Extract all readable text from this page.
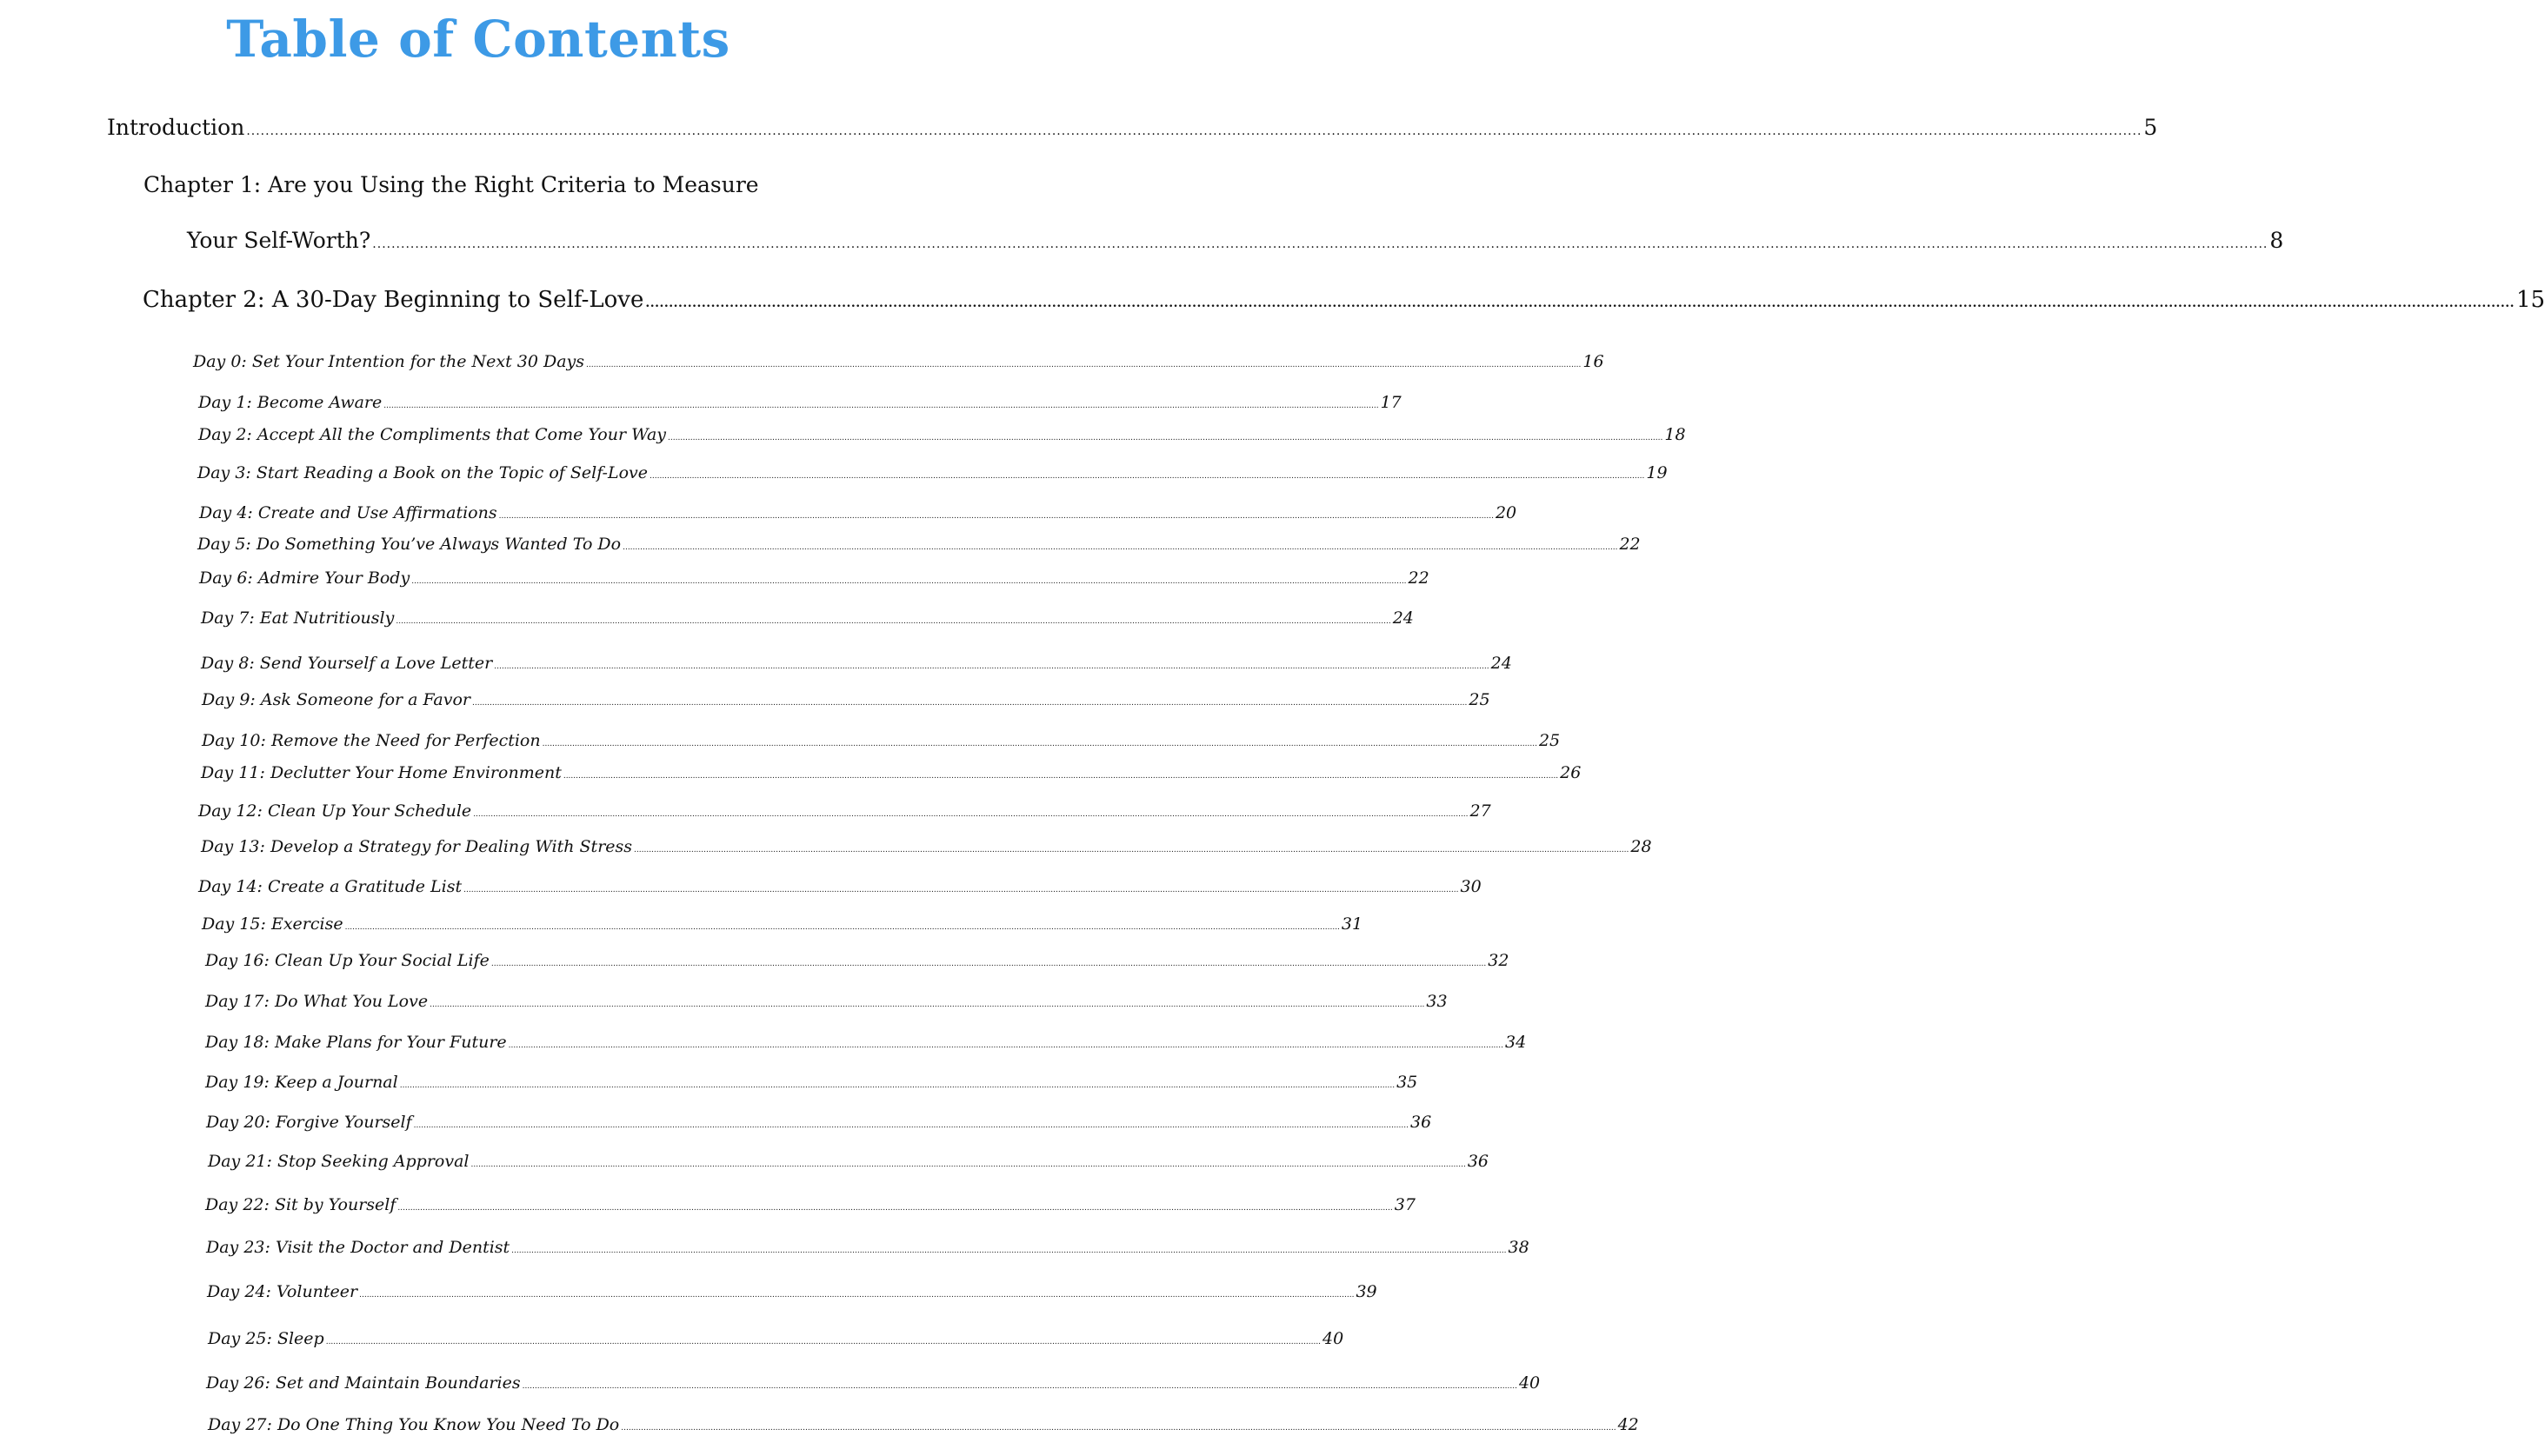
Table of Contents
Introduction ................................................................................................................................................................................................................................................................................................................................................................................................................ 5
Chapter 1: Are you Using the Right Criteria to Measure
Your Self-Worth? ................................................................................................................................................................................................................................................................................................................................................................................................................ 8
Chapter 2: A 30-Day Beginning to Self-Love ................................................................................................................................................................................................................................................................................................................................................................................................................ 15
Day 0: Set Your Intention for the Next 30 Days ................................................................................................................................................................................................................................................................................................................................................................................................................ 16
Day 1: Become Aware ................................................................................................................................................................................................................................................................................................................................................................................................................ 17
Day 2: Accept All the Compliments that Come Your Way ................................................................................................................................................................................................................................................................................................................................................................................................................ 18
Day 3: Start Reading a Book on the Topic of Self-Love ................................................................................................................................................................................................................................................................................................................................................................................................................ 19
Day 4: Create and Use Affirmations ................................................................................................................................................................................................................................................................................................................................................................................................................ 20
Day 5: Do Something You’ve Always Wanted To Do ................................................................................................................................................................................................................................................................................................................................................................................................................ 22
Day 6: Admire Your Body ................................................................................................................................................................................................................................................................................................................................................................................................................ 22
Day 7: Eat Nutritiously ................................................................................................................................................................................................................................................................................................................................................................................................................ 24
Day 8: Send Yourself a Love Letter ................................................................................................................................................................................................................................................................................................................................................................................................................ 24
Day 9: Ask Someone for a Favor ................................................................................................................................................................................................................................................................................................................................................................................................................ 25
Day 10: Remove the Need for Perfection ................................................................................................................................................................................................................................................................................................................................................................................................................ 25
Day 11: Declutter Your Home Environment ................................................................................................................................................................................................................................................................................................................................................................................................................ 26
Day 12: Clean Up Your Schedule ................................................................................................................................................................................................................................................................................................................................................................................................................ 27
Day 13: Develop a Strategy for Dealing With Stress ................................................................................................................................................................................................................................................................................................................................................................................................................ 28
Day 14: Create a Gratitude List ................................................................................................................................................................................................................................................................................................................................................................................................................ 30
Day 15: Exercise ................................................................................................................................................................................................................................................................................................................................................................................................................ 31
Day 16: Clean Up Your Social Life ................................................................................................................................................................................................................................................................................................................................................................................................................ 32
Day 17: Do What You Love ................................................................................................................................................................................................................................................................................................................................................................................................................ 33
Day 18: Make Plans for Your Future ................................................................................................................................................................................................................................................................................................................................................................................................................ 34
Day 19: Keep a Journal ................................................................................................................................................................................................................................................................................................................................................................................................................ 35
Day 20: Forgive Yourself ................................................................................................................................................................................................................................................................................................................................................................................................................ 36
Day 21: Stop Seeking Approval ................................................................................................................................................................................................................................................................................................................................................................................................................ 36
Day 22: Sit by Yourself ................................................................................................................................................................................................................................................................................................................................................................................................................ 37
Day 23: Visit the Doctor and Dentist ................................................................................................................................................................................................................................................................................................................................................................................................................ 38
Day 24: Volunteer ................................................................................................................................................................................................................................................................................................................................................................................................................ 39
Day 25: Sleep ................................................................................................................................................................................................................................................................................................................................................................................................................ 40
Day 26: Set and Maintain Boundaries ................................................................................................................................................................................................................................................................................................................................................................................................................ 40
Day 27: Do One Thing You Know You Need To Do ................................................................................................................................................................................................................................................................................................................................................................................................................ 42
